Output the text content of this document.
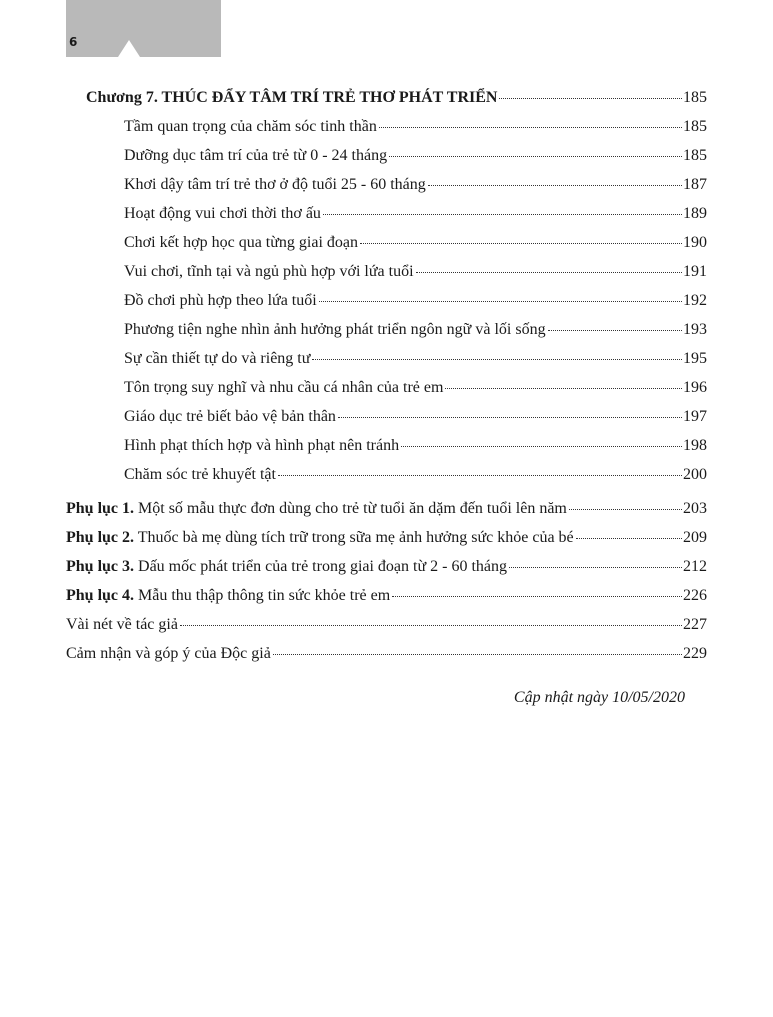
6
Chương 7. THÚC ĐẨY TÂM TRÍ TRẺ THƠ PHÁT TRIỂN	185
Tầm quan trọng của chăm sóc tinh thần	185
Dưỡng dục tâm trí của trẻ từ 0 - 24 tháng	185
Khơi dậy tâm trí trẻ thơ ở độ tuổi 25 - 60 tháng	187
Hoạt động vui chơi thời thơ ấu	189
Chơi kết hợp học qua từng giai đoạn	190
Vui chơi, tĩnh tại và ngủ phù hợp với lứa tuổi	191
Đồ chơi phù hợp theo lứa tuổi	192
Phương tiện nghe nhìn ảnh hưởng phát triển ngôn ngữ và lối sống	193
Sự cần thiết tự do và riêng tư	195
Tôn trọng suy nghĩ và nhu cầu cá nhân của trẻ em	196
Giáo dục trẻ biết bảo vệ bản thân	197
Hình phạt thích hợp và hình phạt nên tránh	198
Chăm sóc trẻ khuyết tật	200
Phụ lục 1. Một số mẫu thực đơn dùng cho trẻ từ tuổi ăn dặm đến tuổi lên năm	203
Phụ lục 2. Thuốc bà mẹ dùng tích trữ trong sữa mẹ ảnh hưởng sức khỏe của bé	209
Phụ lục 3. Dấu mốc phát triển của trẻ trong giai đoạn từ 2 - 60 tháng	212
Phụ lục 4. Mẫu thu thập thông tin sức khỏe trẻ em	226
Vài nét về tác giả	227
Cảm nhận và góp ý của Độc giả	229
Cập nhật ngày 10/05/2020
